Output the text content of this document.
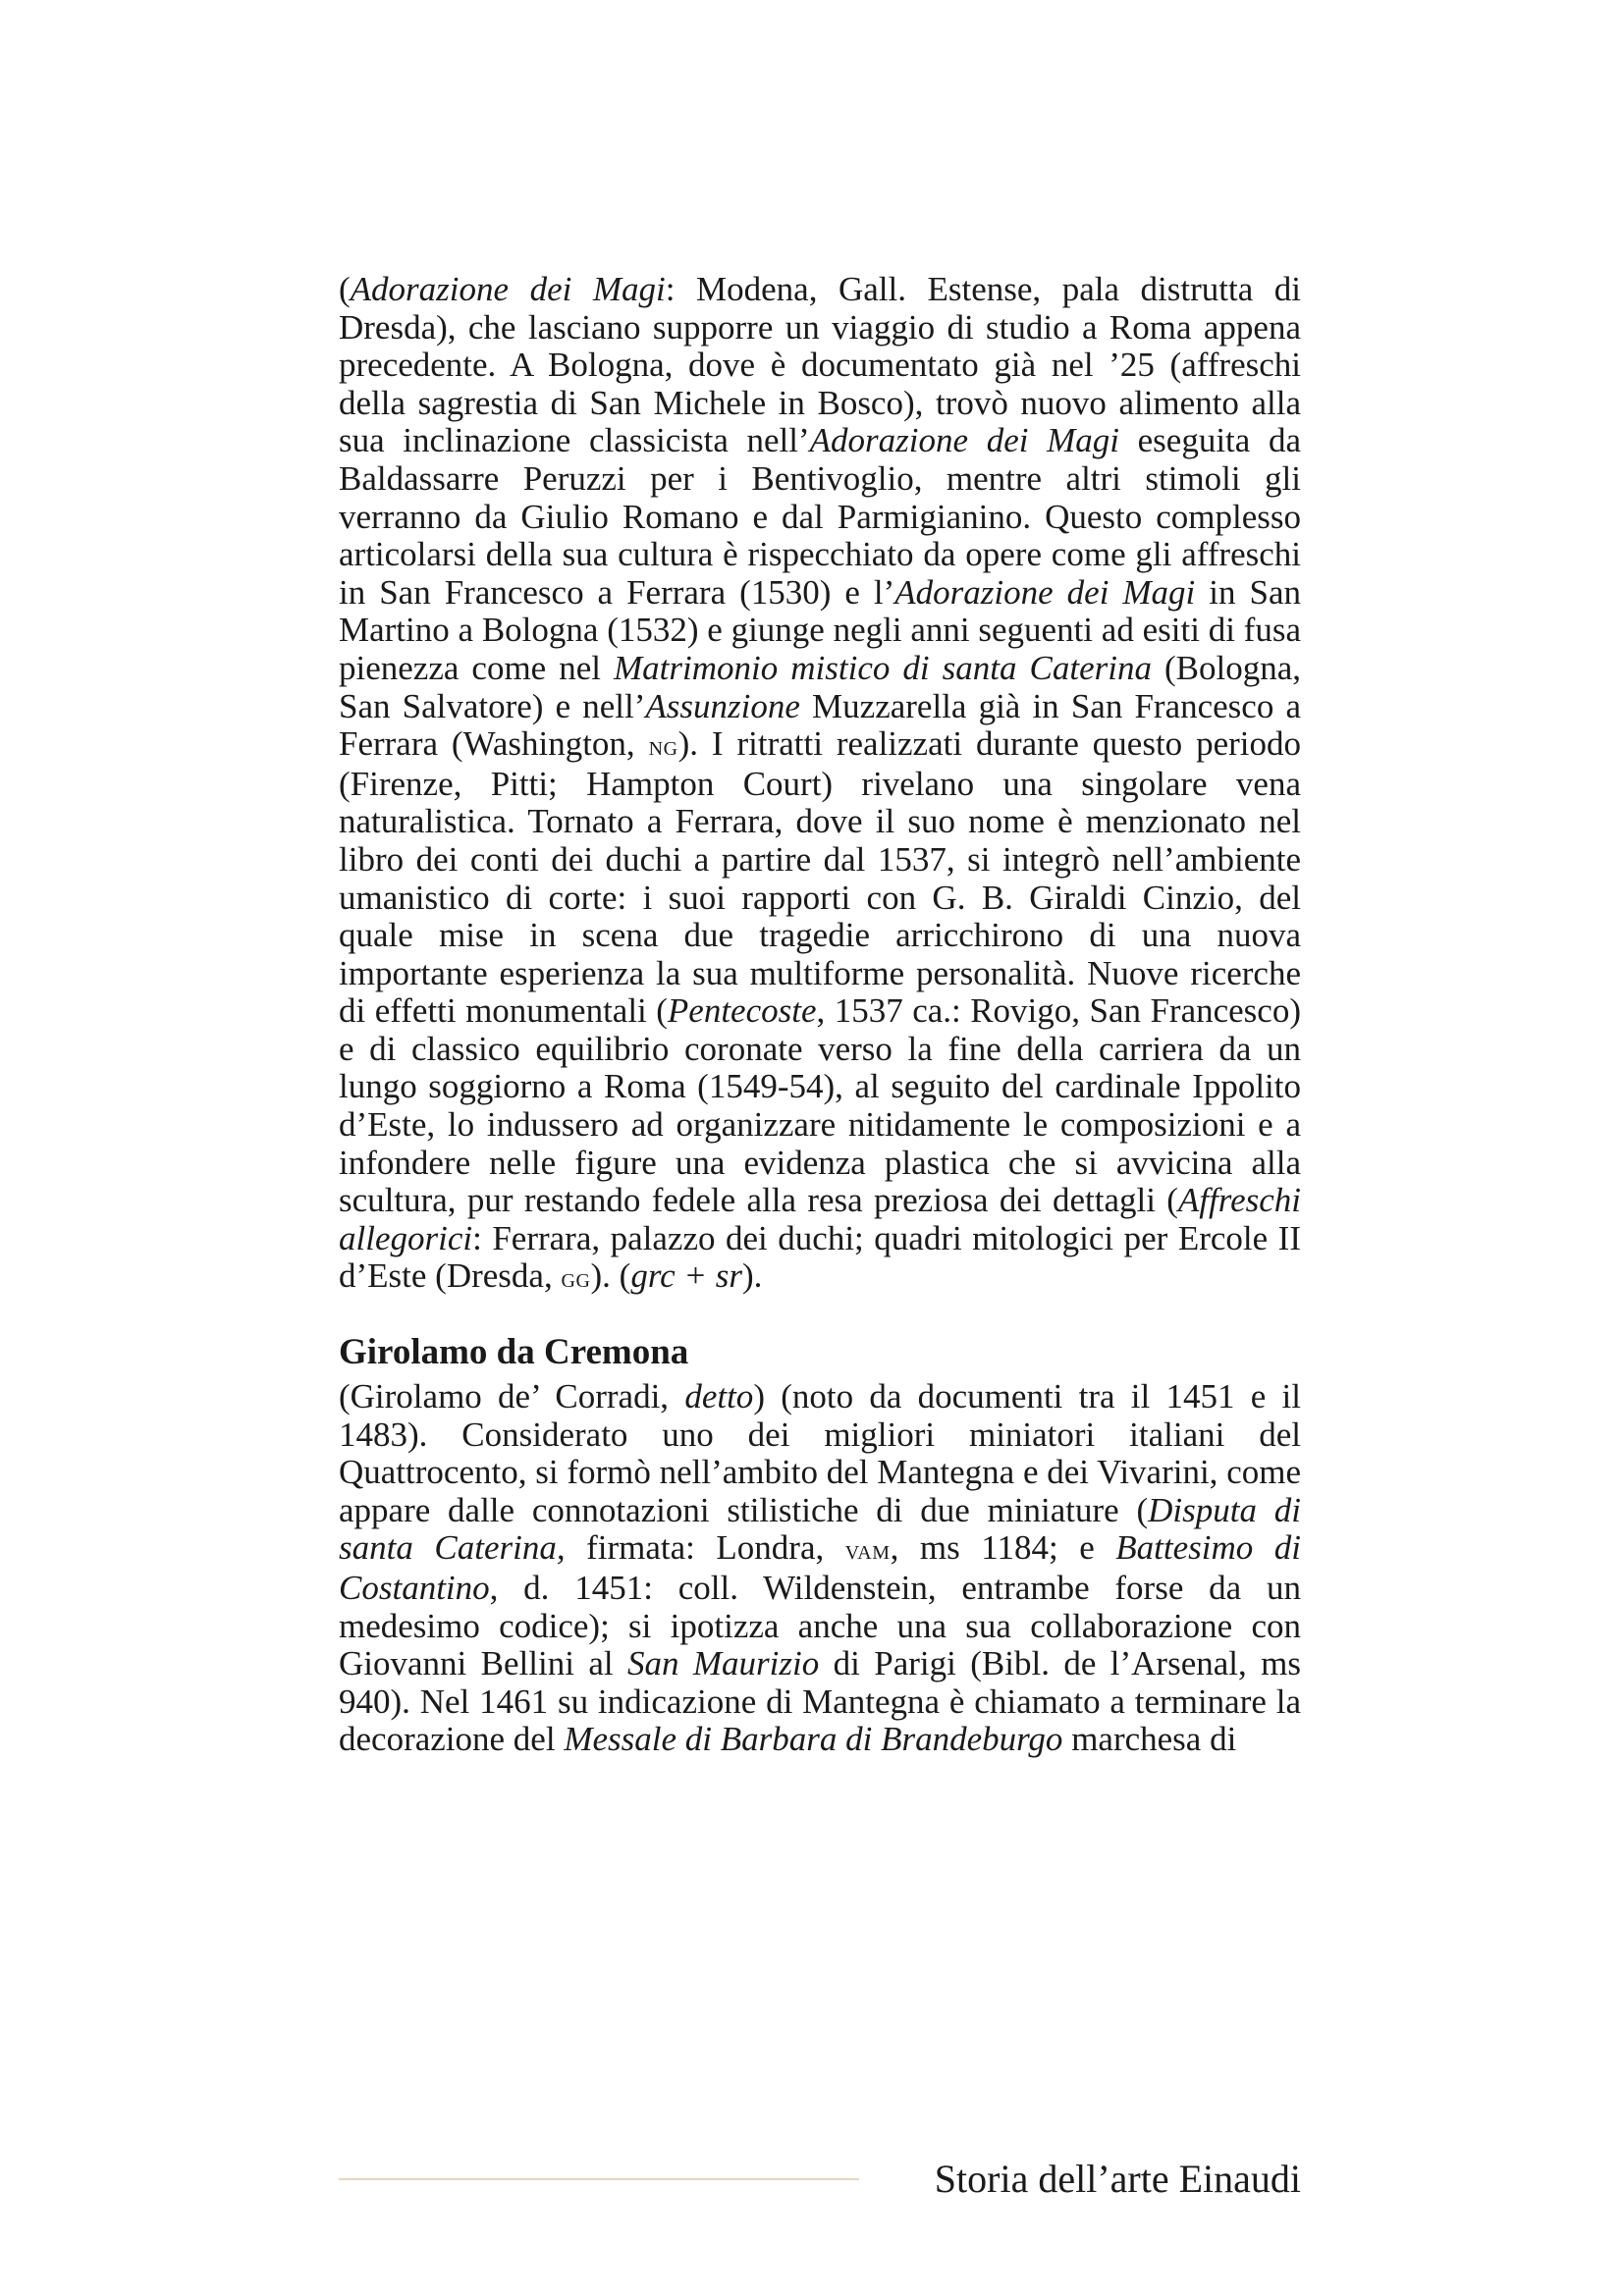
(Adorazione dei Magi: Modena, Gall. Estense, pala distrutta di Dresda), che lasciano supporre un viaggio di studio a Roma appena precedente. A Bologna, dove è documentato già nel ’25 (affreschi della sagrestia di San Michele in Bosco), trovò nuovo alimento alla sua inclinazione classicista nell’Adorazione dei Magi eseguita da Baldassarre Peruzzi per i Bentivoglio, mentre altri stimoli gli verranno da Giulio Romano e dal Parmigianino. Questo complesso articolarsi della sua cultura è rispecchiato da opere come gli affreschi in San Francesco a Ferrara (1530) e l’Adorazione dei Magi in San Martino a Bologna (1532) e giunge negli anni seguenti ad esiti di fusa pienezza come nel Matrimonio mistico di santa Caterina (Bologna, San Salvatore) e nell’Assunzione Muzzarella già in San Francesco a Ferrara (Washington, ng). I ritratti realizzati durante questo periodo (Firenze, Pitti; Hampton Court) rivelano una singolare vena naturalistica. Tornato a Ferrara, dove il suo nome è menzionato nel libro dei conti dei duchi a partire dal 1537, si integrò nell’ambiente umanistico di corte: i suoi rapporti con G. B. Giraldi Cinzio, del quale mise in scena due tragedie arricchirono di una nuova importante esperienza la sua multiforme personalità. Nuove ricerche di effetti monumentali (Pentecoste, 1537 ca.: Rovigo, San Francesco) e di classico equilibrio coronate verso la fine della carriera da un lungo soggiorno a Roma (1549-54), al seguito del cardinale Ippolito d’Este, lo indussero ad organizzare nitidamente le composizioni e a infondere nelle figure una evidenza plastica che si avvicina alla scultura, pur restando fedele alla resa preziosa dei dettagli (Affreschi allegorici: Ferrara, palazzo dei duchi; quadri mitologici per Ercole II d’Este (Dresda, gg). (grc + sr).

Girolamo da Cremona

(Girolamo de’ Corradi, detto) (noto da documenti tra il 1451 e il 1483). Considerato uno dei migliori miniatori italiani del Quattrocento, si formò nell’ambito del Mantegna e dei Vivarini, come appare dalle connotazioni stilistiche di due miniature (Disputa di santa Caterina, firmata: Londra, vam, ms 1184; e Battesimo di Costantino, d. 1451: coll. Wildenstein, entrambe forse da un medesimo codice); si ipotizza anche una sua collaborazione con Giovanni Bellini al San Maurizio di Parigi (Bibl. de l’Arsenal, ms 940). Nel 1461 su indicazione di Mantegna è chiamato a terminare la decorazione del Messale di Barbara di Brandeburgo marchesa di

Storia dell’arte Einaudi
